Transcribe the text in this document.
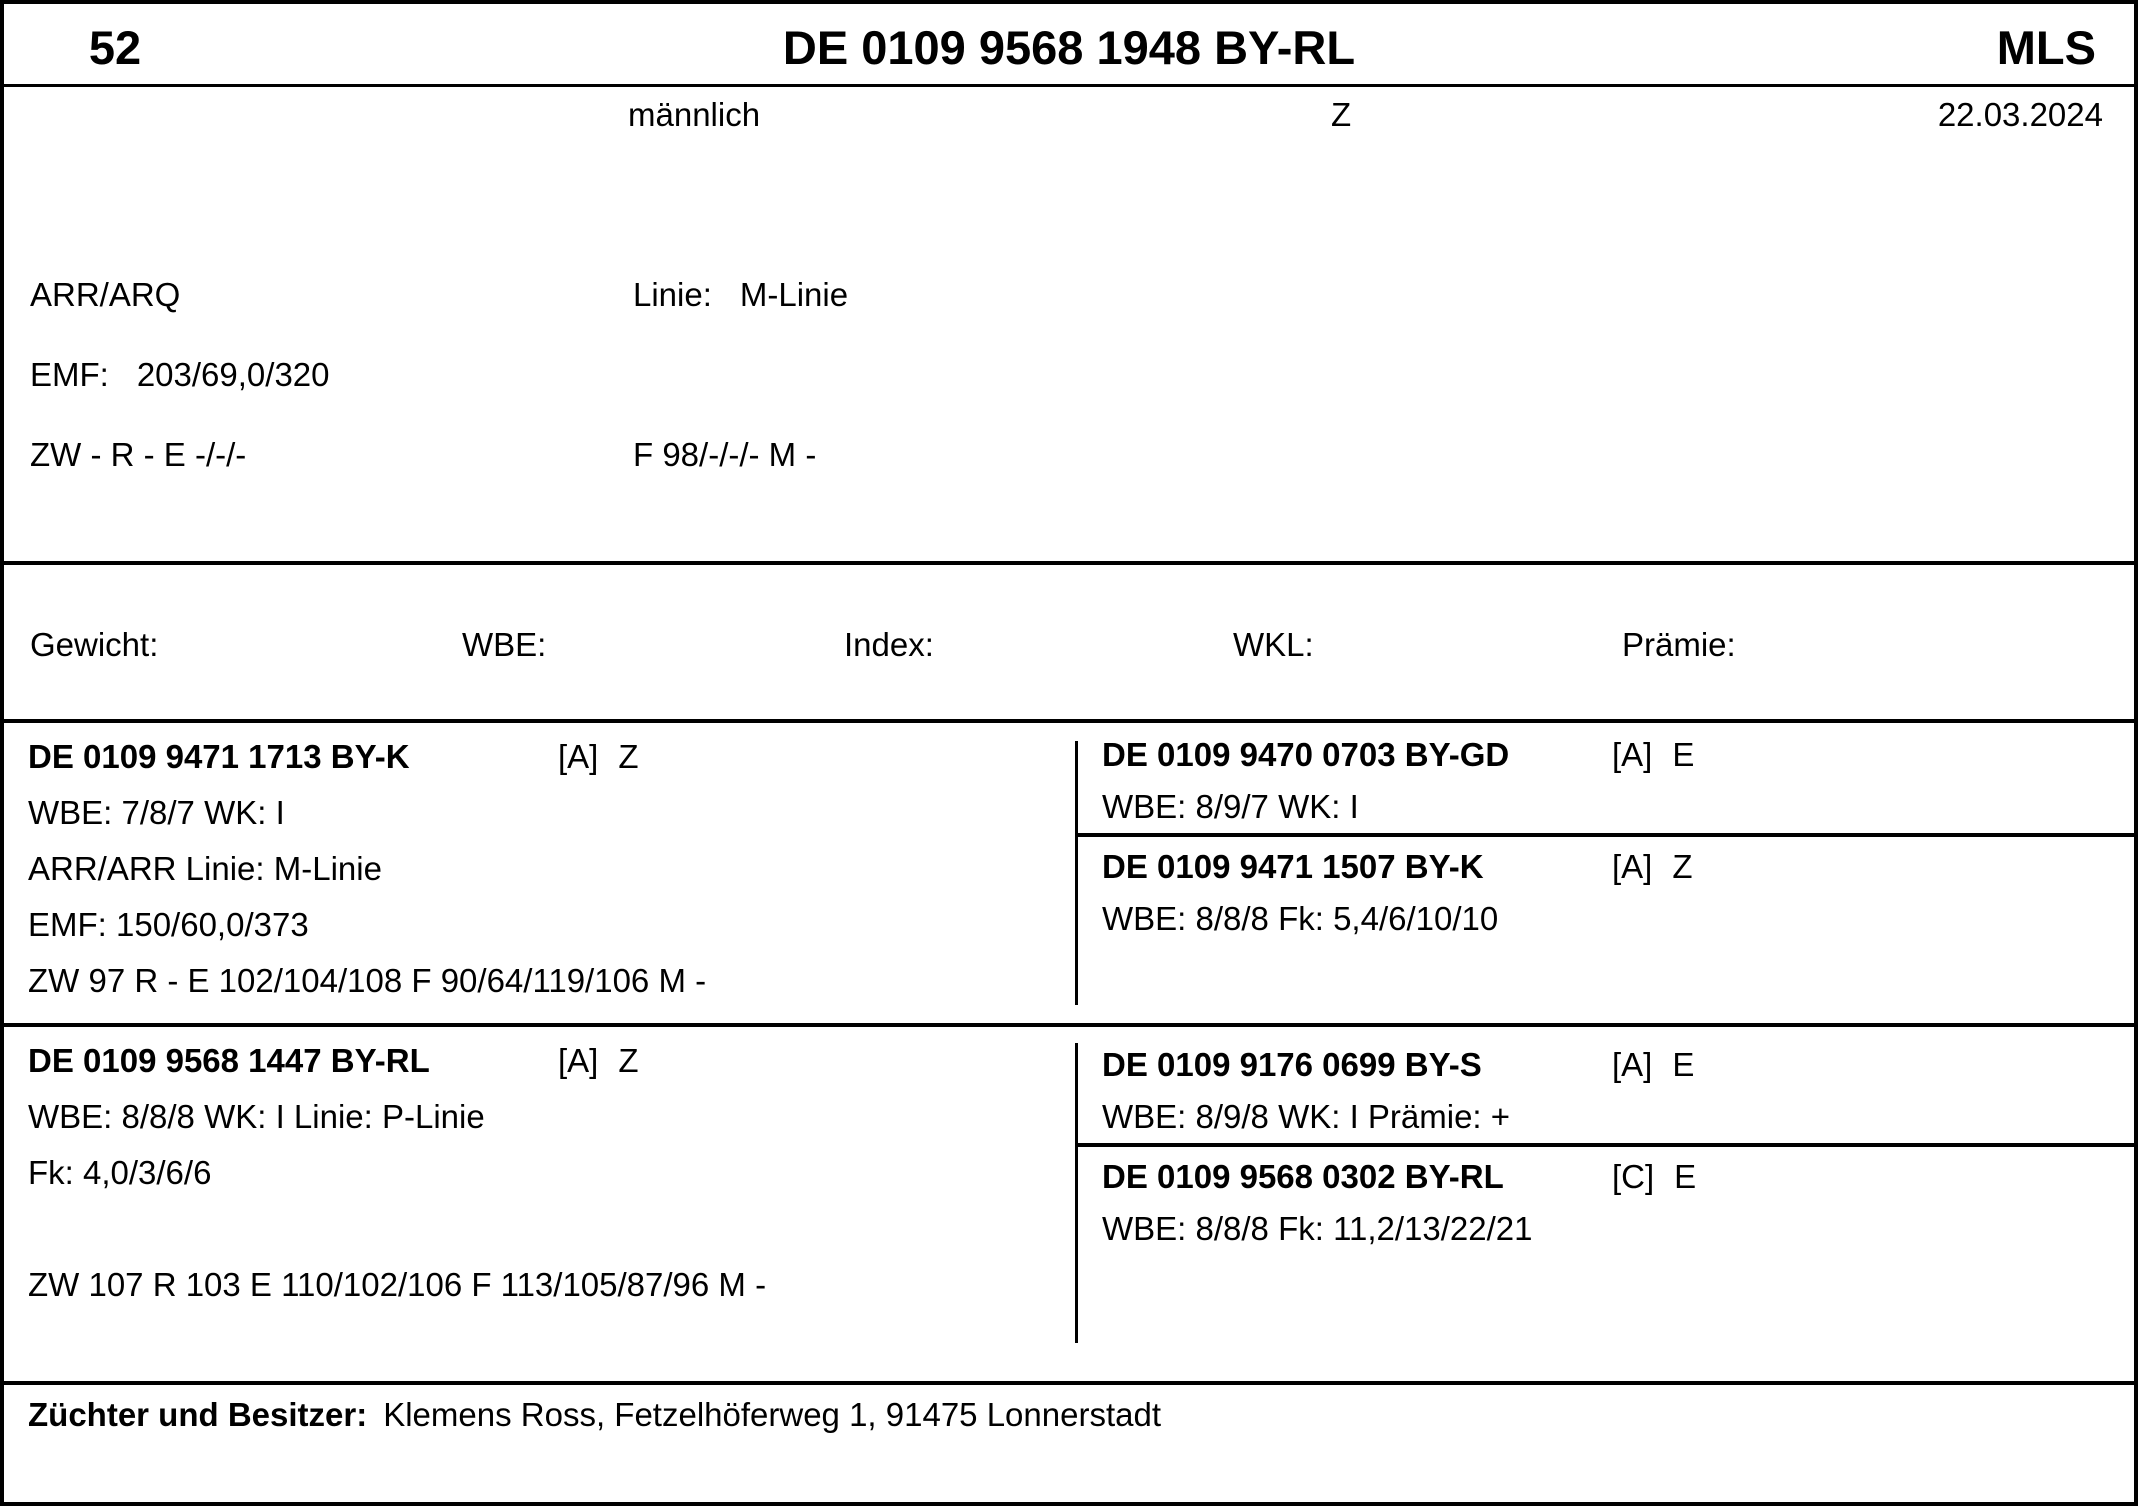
52	DE 0109 9568 1948 BY-RL	MLS
männlich	Z	22.03.2024
ARR/ARQ	Linie: M-Linie
EMF: 203/69,0/320
ZW - R - E -/-/-	F 98/-/-/- M -
Gewicht:	WBE:	Index:	WKL:	Prämie:
DE 0109 9471 1713 BY-K	[A] Z
WBE: 7/8/7 WK: I
ARR/ARR Linie: M-Linie
EMF: 150/60,0/373
ZW 97 R - E 102/104/108 F 90/64/119/106 M -
DE 0109 9470 0703 BY-GD	[A] E
WBE: 8/9/7 WK: I
DE 0109 9471 1507 BY-K	[A] Z
WBE: 8/8/8 Fk: 5,4/6/10/10
DE 0109 9568 1447 BY-RL	[A] Z
WBE: 8/8/8 WK: I Linie: P-Linie
Fk: 4,0/3/6/6
ZW 107 R 103 E 110/102/106 F 113/105/87/96 M -
DE 0109 9176 0699 BY-S	[A] E
WBE: 8/9/8 WK: I Prämie: +
DE 0109 9568 0302 BY-RL	[C] E
WBE: 8/8/8 Fk: 11,2/13/22/21
Züchter und Besitzer: Klemens Ross, Fetzelhöferweg 1, 91475 Lonnerstadt
